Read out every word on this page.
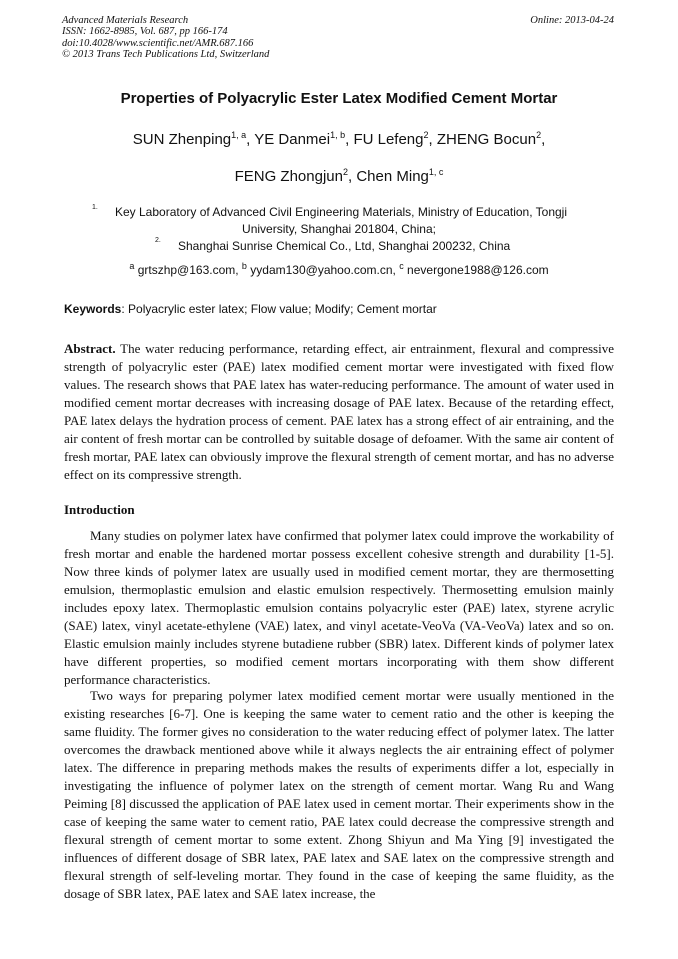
Advanced Materials Research
ISSN: 1662-8985, Vol. 687, pp 166-174
doi:10.4028/www.scientific.net/AMR.687.166
© 2013 Trans Tech Publications Ltd, Switzerland
Online: 2013-04-24
Properties of Polyacrylic Ester Latex Modified Cement Mortar
SUN Zhenping$^{1, a}$, YE Danmei$^{1, b}$, FU Lefeng$^2$, ZHENG Bocun$^2$,
FENG Zhongjun$^2$, Chen Ming$^{1, c}$
$^{1.}$ Key Laboratory of Advanced Civil Engineering Materials, Ministry of Education, Tongji
University, Shanghai 201804, China;
$^{2.}$ Shanghai Sunrise Chemical Co., Ltd, Shanghai 200232, China
$^a$ grtszhp@163.com, $^b$ yydam130@yahoo.com.cn, $^c$ nevergone1988@126.com
Keywords: Polyacrylic ester latex; Flow value; Modify; Cement mortar
Abstract. The water reducing performance, retarding effect, air entrainment, flexural and compressive strength of polyacrylic ester (PAE) latex modified cement mortar were investigated with fixed flow values. The research shows that PAE latex has water-reducing performance. The amount of water used in modified cement mortar decreases with increasing dosage of PAE latex. Because of the retarding effect, PAE latex delays the hydration process of cement. PAE latex has a strong effect of air entraining, and the air content of fresh mortar can be controlled by suitable dosage of defoamer. With the same air content of fresh mortar, PAE latex can obviously improve the flexural strength of cement mortar, and has no adverse effect on its compressive strength.
Introduction
Many studies on polymer latex have confirmed that polymer latex could improve the workability of fresh mortar and enable the hardened mortar possess excellent cohesive strength and durability [1-5]. Now three kinds of polymer latex are usually used in modified cement mortar, they are thermosetting emulsion, thermoplastic emulsion and elastic emulsion respectively. Thermosetting emulsion mainly includes epoxy latex. Thermoplastic emulsion contains polyacrylic ester (PAE) latex, styrene acrylic (SAE) latex, vinyl acetate-ethylene (VAE) latex, and vinyl acetate-VeoVa (VA-VeoVa) latex and so on. Elastic emulsion mainly includes styrene butadiene rubber (SBR) latex. Different kinds of polymer latex have different properties, so modified cement mortars incorporating with them show different performance characteristics.
Two ways for preparing polymer latex modified cement mortar were usually mentioned in the existing researches [6-7]. One is keeping the same water to cement ratio and the other is keeping the same fluidity. The former gives no consideration to the water reducing effect of polymer latex. The latter overcomes the drawback mentioned above while it always neglects the air entraining effect of polymer latex. The difference in preparing methods makes the results of experiments differ a lot, especially in investigating the influence of polymer latex on the strength of cement mortar. Wang Ru and Wang Peiming [8] discussed the application of PAE latex used in cement mortar. Their experiments show in the case of keeping the same water to cement ratio, PAE latex could decrease the compressive strength and flexural strength of cement mortar to some extent. Zhong Shiyun and Ma Ying [9] investigated the influences of different dosage of SBR latex, PAE latex and SAE latex on the compressive strength and flexural strength of self-leveling mortar. They found in the case of keeping the same fluidity, as the dosage of SBR latex, PAE latex and SAE latex increase, the
